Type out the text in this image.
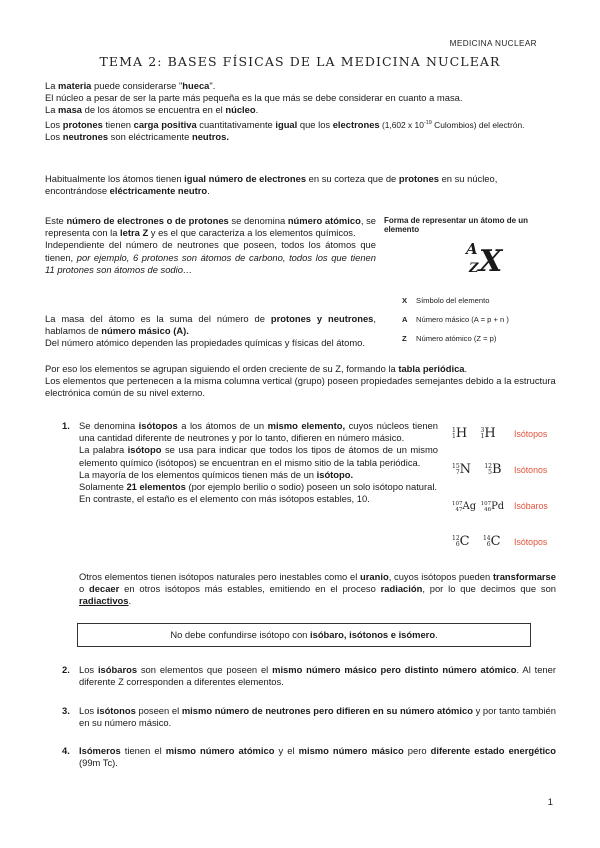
MEDICINA NUCLEAR
TEMA 2: BASES FÍSICAS DE LA MEDICINA NUCLEAR

La materia puede considerarse "hueca".

El núcleo a pesar de ser la parte más pequeña es la que más se debe considerar en cuanto a masa.

La masa de los átomos se encuentra en el núcleo.

Los protones tienen carga positiva cuantitativamente igual que los electrones (1,602 x $10^{-19}$ Culombios) del electrón.

Los neutrones son eléctricamente neutros.

Habitualmente los átomos tienen igual número de electrones en su corteza que de protones en su núcleo, encontrándose eléctricamente neutro.

Este número de electrones o de protones se denomina número atómico, se representa con la letra Z y es el que caracteriza a los elementos químicos.

Independiente del número de neutrones que poseen, todos los átomos que tienen, por ejemplo, 6 protones son átomos de carbono, todos los que tienen 11 protones son átomos de sodio…

La masa del átomo es la suma del número de protones y neutrones, hablamos de número másico (A).

Del número atómico dependen las propiedades químicas y físicas del átomo.

Por eso los elementos se agrupan siguiendo el orden creciente de su Z, formando la tabla periódica.

Los elementos que pertenecen a la misma columna vertical (grupo) poseen propiedades semejantes debido a la estructura electrónica común de su nivel externo.

Forma de representar un átomo de un elemento
A
Z X
X Símbolo del elemento
A Número másico (A = p + n )
Z Número atómico (Z = p)
1. Se denomina isótopos a los átomos de un mismo elemento, cuyos núcleos tienen una cantidad diferente de neutrones y por lo tanto, difieren en número másico.

La palabra isótopo se usa para indicar que todos los tipos de átomos de un mismo elemento químico (isótopos) se encuentran en el mismo sitio de la tabla periódica.

La mayoría de los elementos químicos tienen más de un isótopo.

Solamente 21 elementos (por ejemplo berilio o sodio) poseen un solo isótopo natural.

En contraste, el estaño es el elemento con más isótopos estables, 10.

1
1H 3
1H Isótopos
15
7N 12
5B Isótonos
107
47Ag 107
46Pd Isóbaros
12
6C 14
6C Isótopos

Otros elementos tienen isótopos naturales pero inestables como el uranio, cuyos isótopos pueden transformarse o decaer en otros isótopos más estables, emitiendo en el proceso radiación, por lo que decimos que son radiactivos.

No debe confundirse isótopo con isóbaro, isótonos e isómero.
2. Los isóbaros son elementos que poseen el mismo número másico pero distinto número atómico. Al tener diferente Z corresponden a diferentes elementos.

3. Los isótonos poseen el mismo número de neutrones pero difieren en su número atómico y por tanto también en su número másico.

4. Isómeros tienen el mismo número atómico y el mismo número másico pero diferente estado energético (99m Tc).

1
